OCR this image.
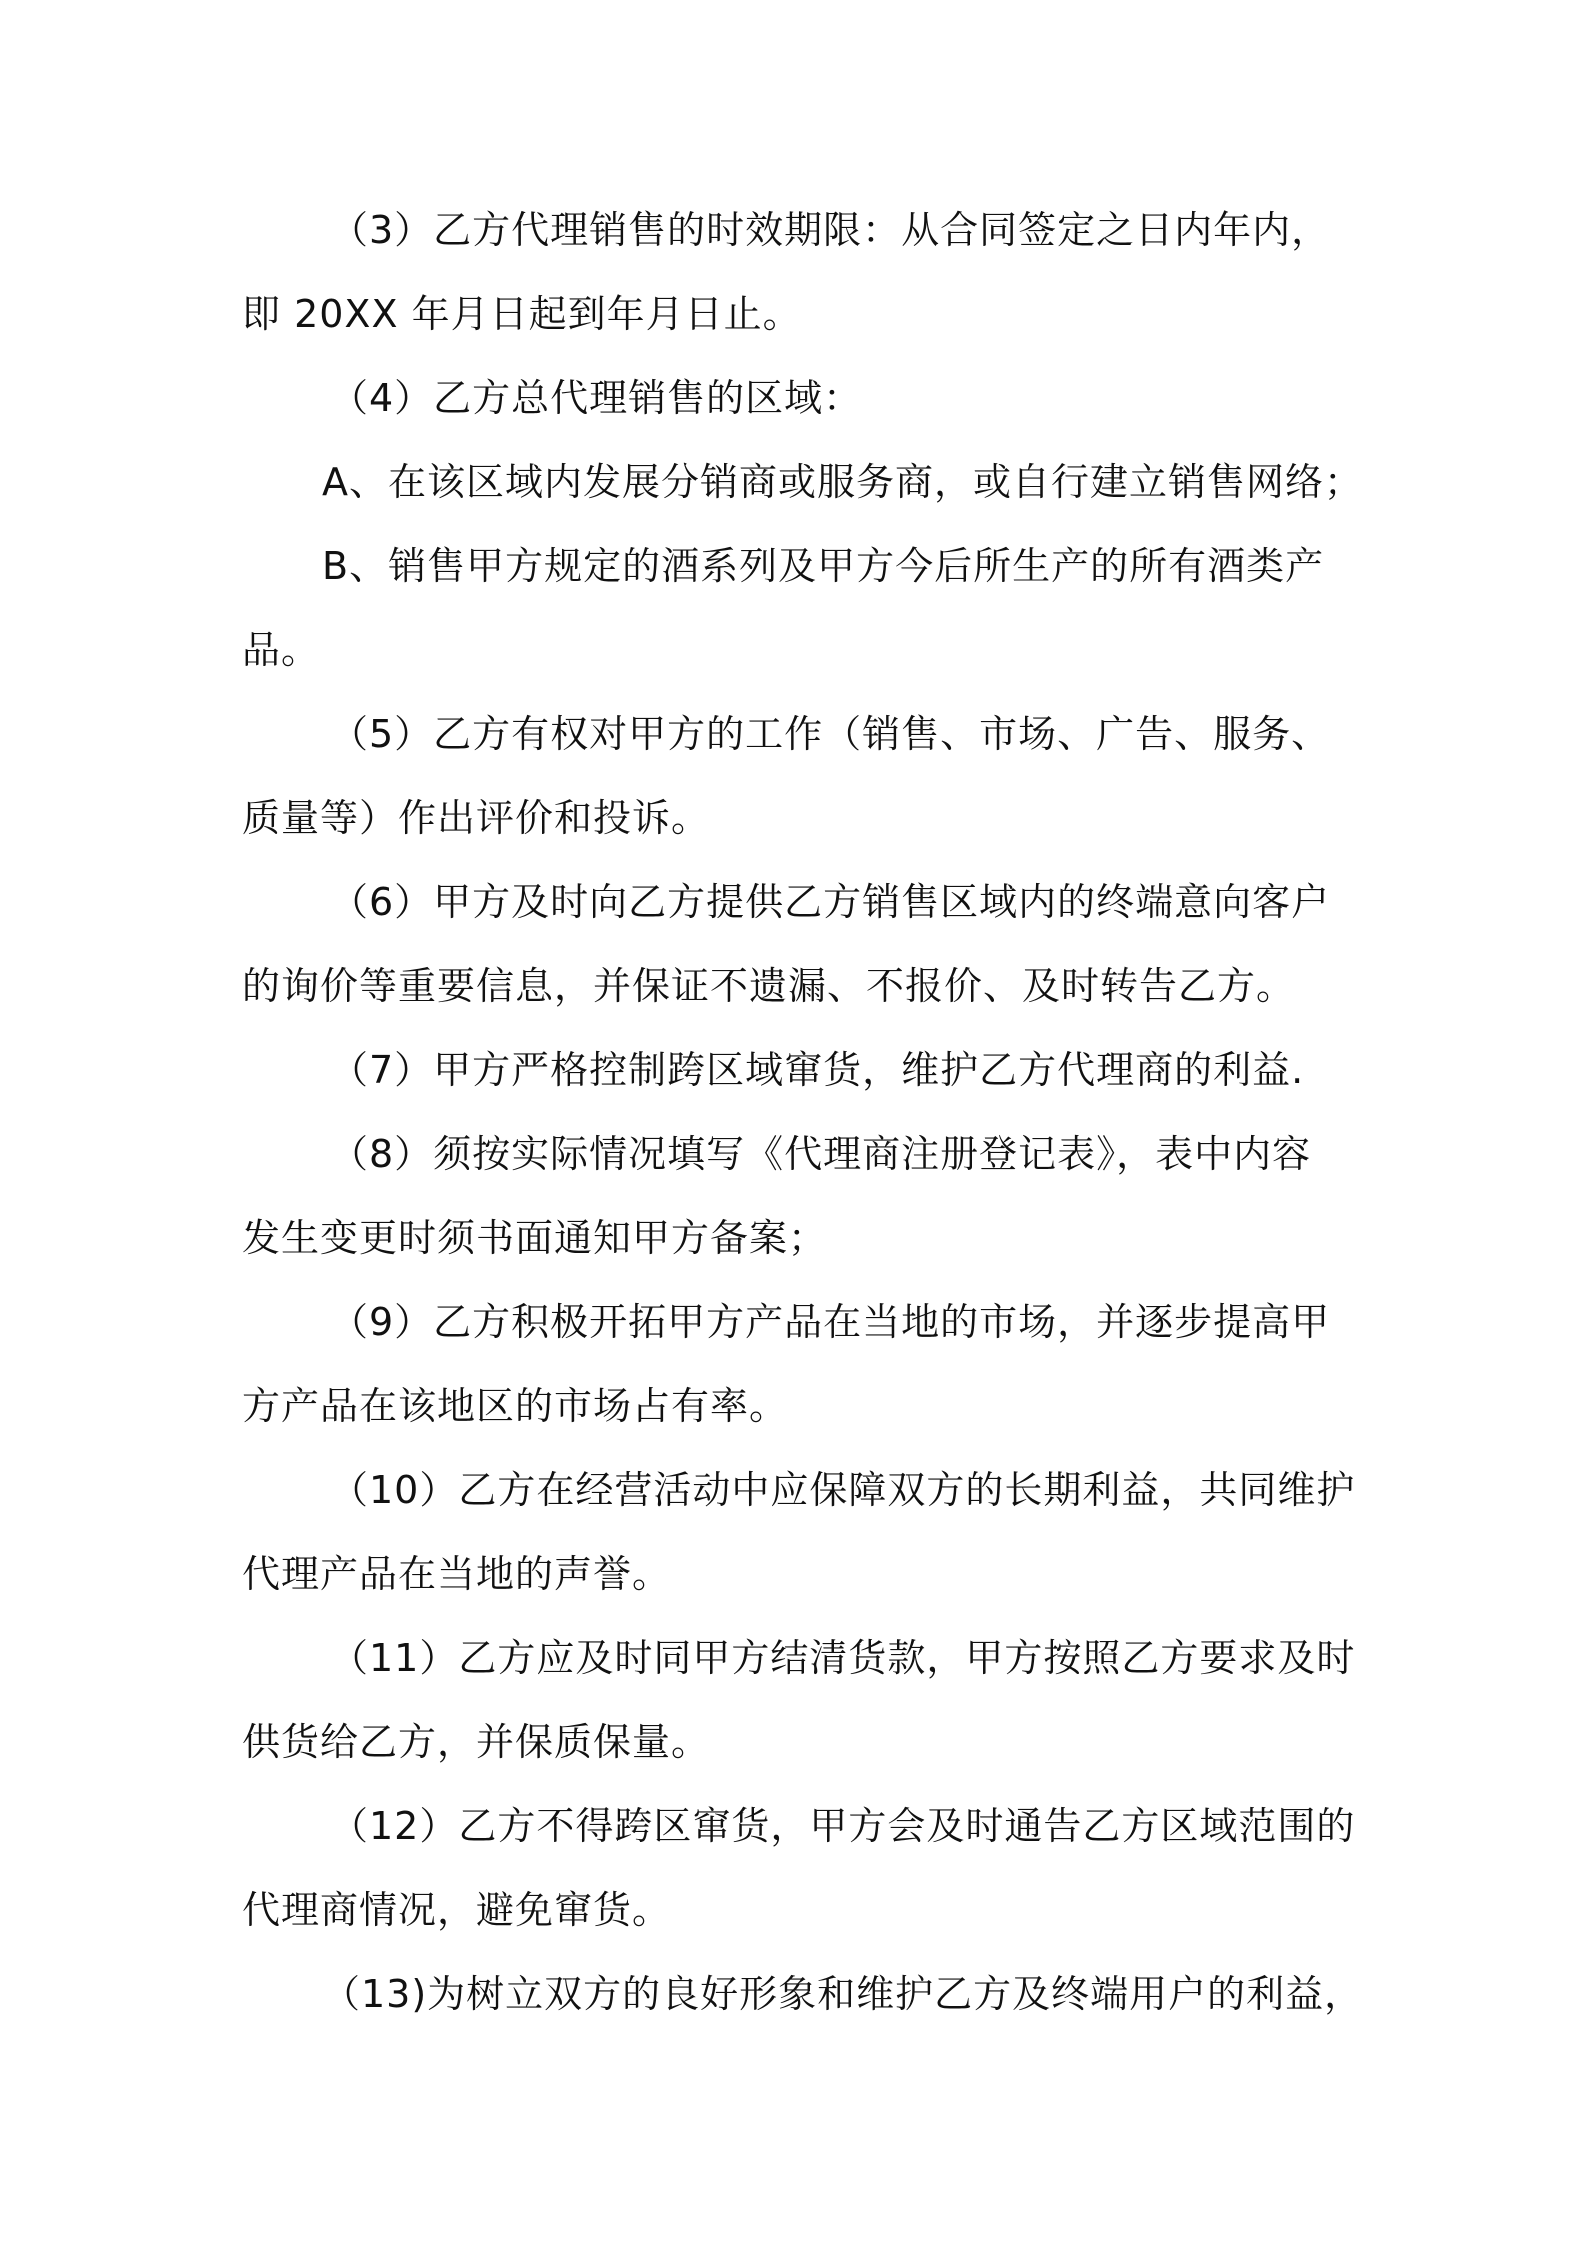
（3）乙方代理销售的时效期限：从合同签定之日内年内，
即 20XX 年月日起到年月日止。
（4）乙方总代理销售的区域：
A、在该区域内发展分销商或服务商，或自行建立销售网络；
B、销售甲方规定的酒系列及甲方今后所生产的所有酒类产
品。
（5）乙方有权对甲方的工作（销售、市场、广告、服务、
质量等）作出评价和投诉。
（6）甲方及时向乙方提供乙方销售区域内的终端意向客户
的询价等重要信息，并保证不遗漏、不报价、及时转告乙方。
（7）甲方严格控制跨区域窜货，维护乙方代理商的利益.
（8）须按实际情况填写《代理商注册登记表》，表中内容
发生变更时须书面通知甲方备案；
（9）乙方积极开拓甲方产品在当地的市场，并逐步提高甲
方产品在该地区的市场占有率。
（10）乙方在经营活动中应保障双方的长期利益，共同维护
代理产品在当地的声誉。
（11）乙方应及时同甲方结清货款，甲方按照乙方要求及时
供货给乙方，并保质保量。
（12）乙方不得跨区窜货，甲方会及时通告乙方区域范围的
代理商情况，避免窜货。
（13)为树立双方的良好形象和维护乙方及终端用户的利益，
